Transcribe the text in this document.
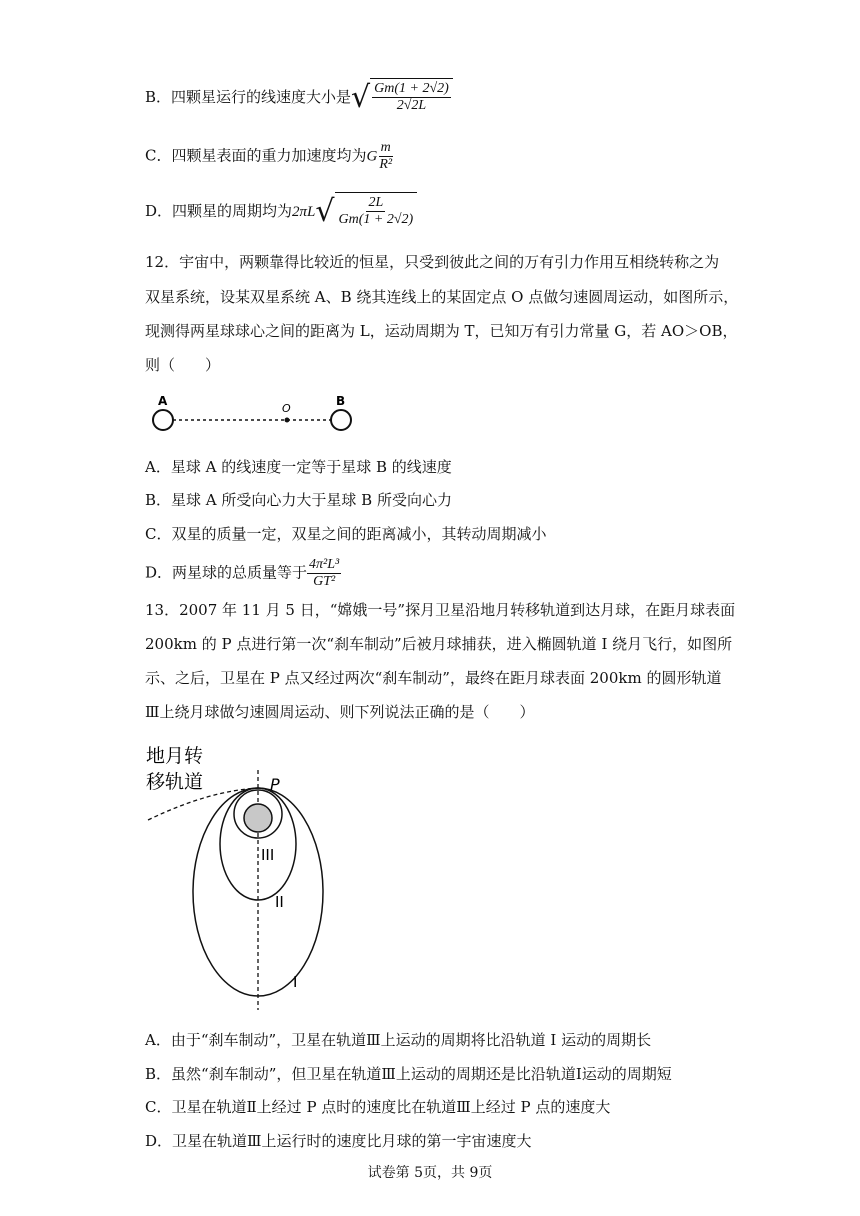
B．四颗星运行的线速度大小是 √ $\frac{Gm(1 + 2√2)}{2√2L}$
C．四颗星表面的重力加速度均为G $\frac{m}{\text{R²}}$
D．四颗星的周期均为2πL √ $\frac{2L}{Gm(1 + 2√2)}$
12．宇宙中，两颗靠得比较近的恒星，只受到彼此之间的万有引力作用互相绕转称之为
双星系统，设某双星系统 A、B 绕其连线上的某固定点 O 点做匀速圆周运动，如图所示，
现测得两星球球心之间的距离为 L，运动周期为 T，已知万有引力常量 G，若 AO＞OB，
则（　　）
A
O
B
A．星球 A 的线速度一定等于星球 B 的线速度
B．星球 A 所受向心力大于星球 B 所受向心力
C．双星的质量一定，双星之间的距离减小，其转动周期减小
D．两星球的总质量等于 $\frac{\text{4π²L³}}{\text{GT²}}$
13．2007 年 11 月 5 日，“嫦娥一号”探月卫星沿地月转移轨道到达月球，在距月球表面
200km 的 P 点进行第一次“刹车制动”后被月球捕获，进入椭圆轨道 I 绕月飞行，如图所
示、之后，卫星在 P 点又经过两次“刹车制动”，最终在距月球表面 200km 的圆形轨道
Ⅲ上绕月球做匀速圆周运动、则下列说法正确的是（　　）
地月转
移轨道	P
III
II
I
A．由于“刹车制动”，卫星在轨道Ⅲ上运动的周期将比沿轨道 I 运动的周期长
B．虽然“刹车制动”，但卫星在轨道Ⅲ上运动的周期还是比沿轨道Ⅰ运动的周期短
C．卫星在轨道Ⅱ上经过 P 点时的速度比在轨道Ⅲ上经过 P 点的速度大
D．卫星在轨道Ⅲ上运行时的速度比月球的第一宇宙速度大
试卷第 5页，共 9页
